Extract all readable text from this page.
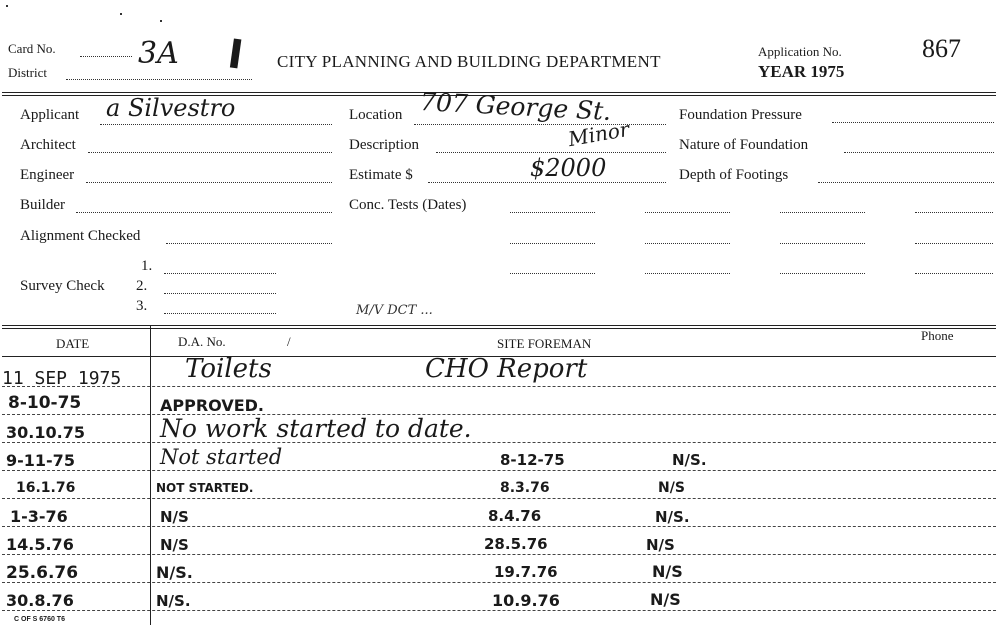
Card No.	3A I
District
CITY PLANNING AND BUILDING DEPARTMENT
Application No.
YEAR 1975
867
Applicant a Silvestro
Architect
Engineer
Builder
Alignment Checked
Survey Check
1.
2.
3.
Location 707 George St.
Description	Minor
Estimate $	$2000
Conc. Tests (Dates)
Foundation Pressure
Nature of Foundation
Depth of Footings
M/V DCT ...
DATE	D.A. No.	/	SITE FOREMAN
Phone
11 SEP 1975 Toilets	CHO Report
8-10-75	APPROVED.
30.10.75	No work started to date.
9-11-75	Not started	8-12-75	N/S.
16.1.76	NOT STARTED.	8.3.76	N/S
1-3-76	N/S	8.4.76	N/S.
14.5.76	N/S	28.5.76	N/S
25.6.76	N/S.	19.7.76	N/S
30.8.76	N/S.	10.9.76	N/S
C OF S 6760 T6
